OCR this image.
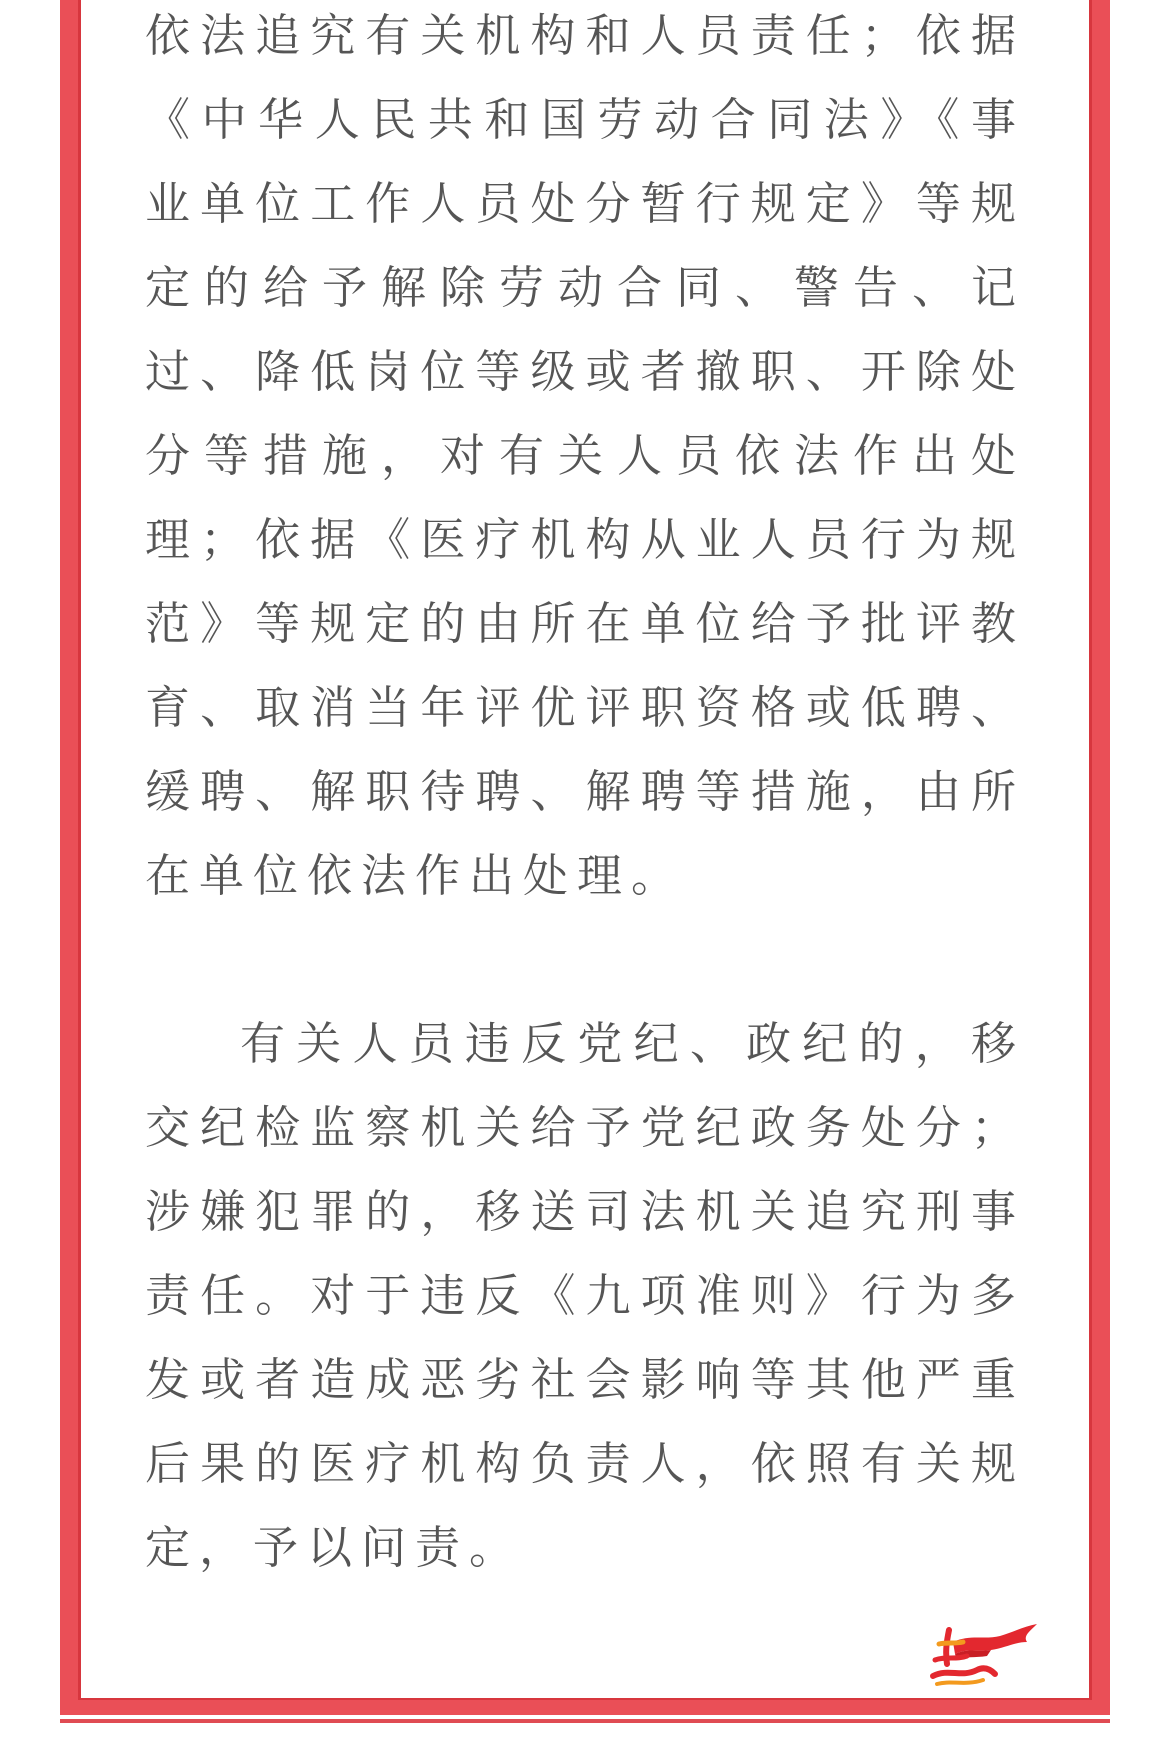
依法追究有关机构和人员责任；依据《中华人民共和国劳动合同法》《事业单位工作人员处分暂行规定》等规定的给予解除劳动合同、警告、记过、降低岗位等级或者撤职、开除处分等措施，对有关人员依法作出处理；依据《医疗机构从业人员行为规范》等规定的由所在单位给予批评教育、取消当年评优评职资格或低聘、缓聘、解职待聘、解聘等措施，由所在单位依法作出处理。

有关人员违反党纪、政纪的，移交纪检监察机关给予党纪政务处分；涉嫌犯罪的，移送司法机关追究刑事责任。对于违反《九项准则》行为多发或者造成恶劣社会影响等其他严重后果的医疗机构负责人，依照有关规定，予以问责。
